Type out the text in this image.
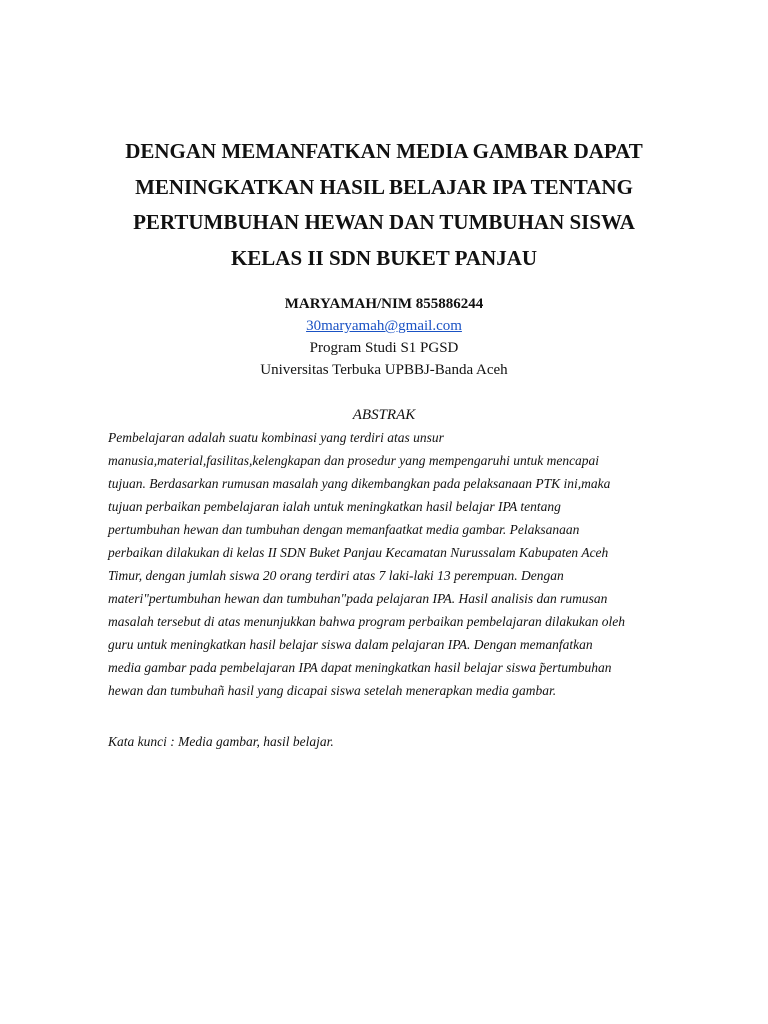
DENGAN MEMANFATKAN MEDIA GAMBAR DAPAT
MENINGKATKAN HASIL BELAJAR IPA TENTANG
PERTUMBUHAN HEWAN DAN TUMBUHAN SISWA
KELAS II SDN BUKET PANJAU
MARYAMAH/NIM 855886244
30maryamah@gmail.com
Program Studi S1 PGSD
Universitas Terbuka UPBBJ-Banda Aceh
ABSTRAK
Pembelajaran adalah suatu kombinasi yang terdiri atas unsur
manusia,material,fasilitas,kelengkapan dan prosedur yang mempengaruhi untuk mencapai
tujuan. Berdasarkan rumusan masalah yang dikembangkan pada pelaksanaan PTK ini,maka
tujuan perbaikan pembelajaran ialah untuk meningkatkan hasil belajar IPA tentang
pertumbuhan hewan dan tumbuhan dengan memanfaatkat media gambar. Pelaksanaan
perbaikan dilakukan di kelas II SDN Buket Panjau Kecamatan Nurussalam Kabupaten Aceh
Timur, dengan jumlah siswa 20 orang terdiri atas 7 laki-laki 13 perempuan. Dengan
materi"pertumbuhan hewan dan tumbuhan"pada pelajaran IPA. Hasil analisis dan rumusan
masalah tersebut di atas menunjukkan bahwa program perbaikan pembelajaran dilakukan oleh
guru untuk meningkatkan hasil belajar siswa dalam pelajaran IPA. Dengan memanfatkan
media gambar pada pembelajaran IPA dapat meningkatkan hasil belajar siswa ̃pertumbuhan
hewan dan tumbuhañ hasil yang dicapai siswa setelah menerapkan media gambar.
Kata kunci : Media gambar, hasil belajar.
